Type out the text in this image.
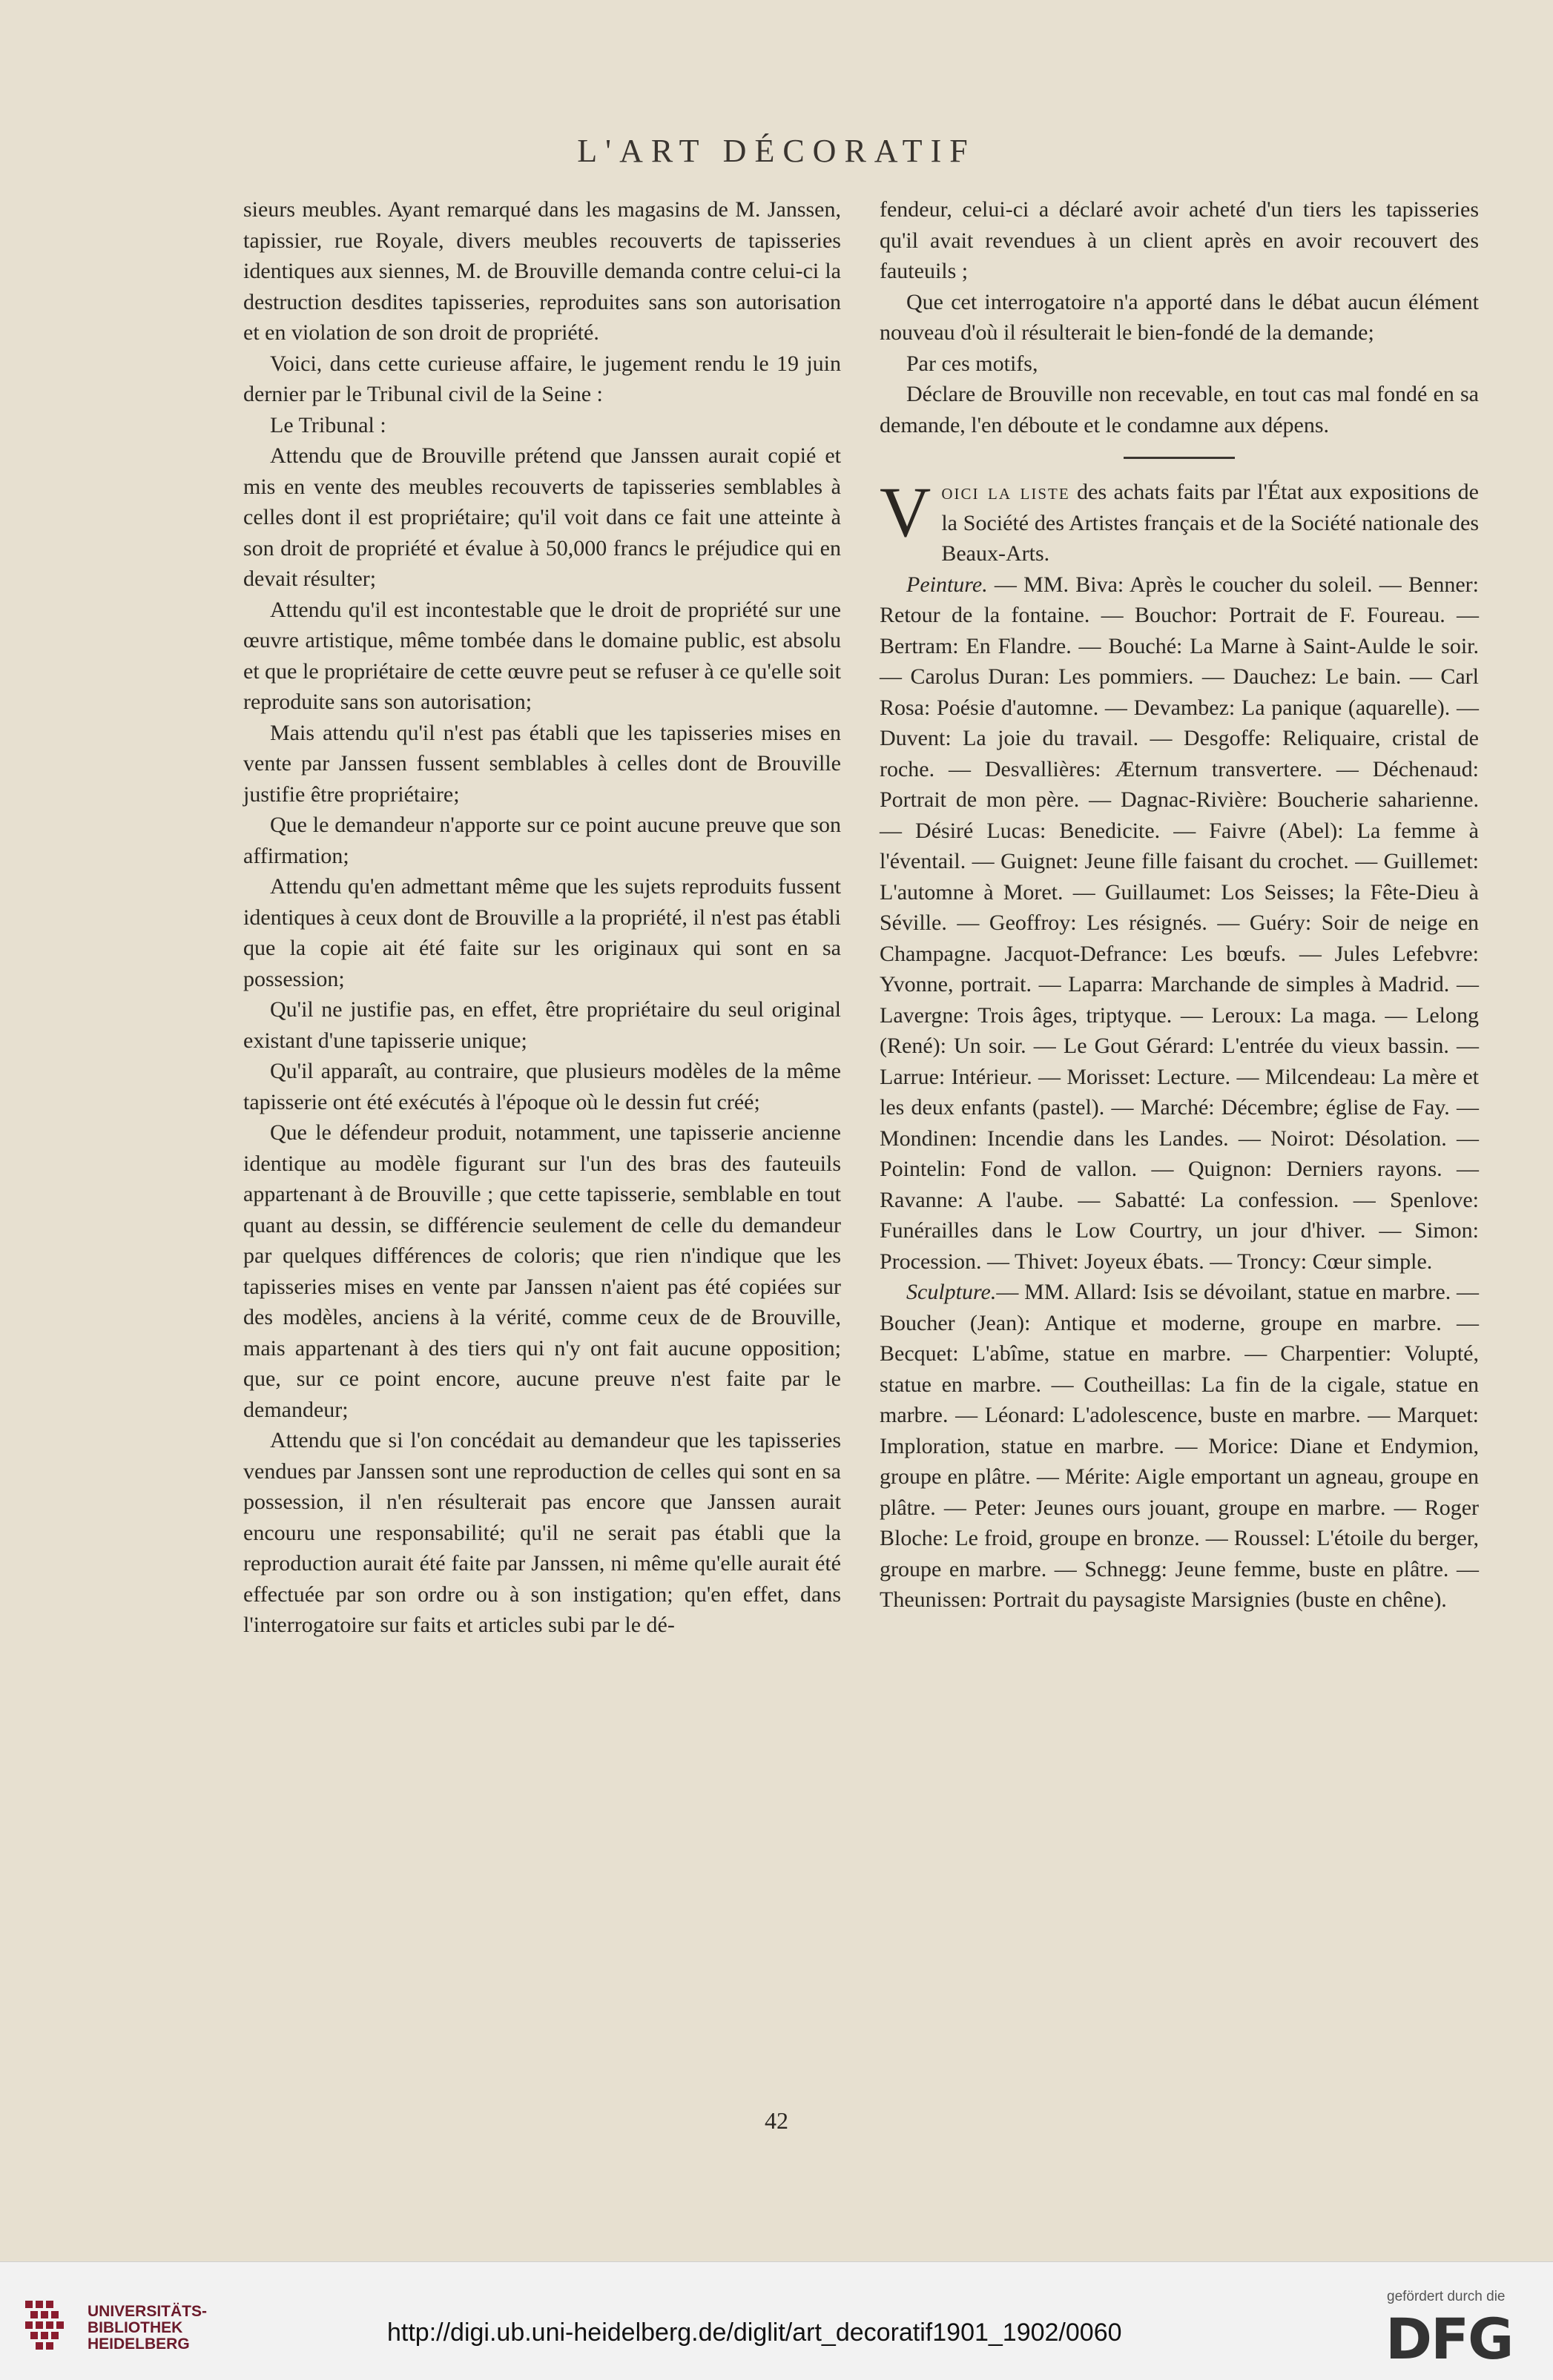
L'ART DÉCORATIF

sieurs meubles. Ayant remarqué dans les magasins de M. Janssen, tapissier, rue Royale, divers meubles recouverts de tapisseries identiques aux siennes, M. de Brouville demanda contre celui-ci la destruction desdites tapisseries, reproduites sans son autorisation et en violation de son droit de propriété.

Voici, dans cette curieuse affaire, le jugement rendu le 19 juin dernier par le Tribunal civil de la Seine :

Le Tribunal :

Attendu que de Brouville prétend que Janssen aurait copié et mis en vente des meubles recouverts de tapisseries semblables à celles dont il est propriétaire; qu'il voit dans ce fait une atteinte à son droit de propriété et évalue à 50,000 francs le préjudice qui en devait résulter;

Attendu qu'il est incontestable que le droit de propriété sur une œuvre artistique, même tombée dans le domaine public, est absolu et que le propriétaire de cette œuvre peut se refuser à ce qu'elle soit reproduite sans son autorisation;

Mais attendu qu'il n'est pas établi que les tapisseries mises en vente par Janssen fussent semblables à celles dont de Brouville justifie être propriétaire;

Que le demandeur n'apporte sur ce point aucune preuve que son affirmation;

Attendu qu'en admettant même que les sujets reproduits fussent identiques à ceux dont de Brouville a la propriété, il n'est pas établi que la copie ait été faite sur les originaux qui sont en sa possession;

Qu'il ne justifie pas, en effet, être propriétaire du seul original existant d'une tapisserie unique;

Qu'il apparaît, au contraire, que plusieurs modèles de la même tapisserie ont été exécutés à l'époque où le dessin fut créé;

Que le défendeur produit, notamment, une tapisserie ancienne identique au modèle figurant sur l'un des bras des fauteuils appartenant à de Brouville ; que cette tapisserie, semblable en tout quant au dessin, se différencie seulement de celle du demandeur par quelques différences de coloris; que rien n'indique que les tapisseries mises en vente par Janssen n'aient pas été copiées sur des modèles, anciens à la vérité, comme ceux de de Brouville, mais appartenant à des tiers qui n'y ont fait aucune opposition; que, sur ce point encore, aucune preuve n'est faite par le demandeur;

Attendu que si l'on concédait au demandeur que les tapisseries vendues par Janssen sont une reproduction de celles qui sont en sa possession, il n'en résulterait pas encore que Janssen aurait encouru une responsabilité; qu'il ne serait pas établi que la reproduction aurait été faite par Janssen, ni même qu'elle aurait été effectuée par son ordre ou à son instigation; qu'en effet, dans l'interrogatoire sur faits et articles subi par le dé-

fendeur, celui-ci a déclaré avoir acheté d'un tiers les tapisseries qu'il avait revendues à un client après en avoir recouvert des fauteuils ;

Que cet interrogatoire n'a apporté dans le débat aucun élément nouveau d'où il résulterait le bien-fondé de la demande;

Par ces motifs,

Déclare de Brouville non recevable, en tout cas mal fondé en sa demande, l'en déboute et le condamne aux dépens.

Voici la liste des achats faits par l'État aux expositions de la Société des Artistes français et de la Société nationale des Beaux-Arts.

Peinture. — MM. Biva: Après le coucher du soleil. — Benner: Retour de la fontaine. — Bouchor: Portrait de F. Foureau. — Bertram: En Flandre. — Bouché: La Marne à Saint-Aulde le soir. — Carolus Duran: Les pommiers. — Dauchez: Le bain. — Carl Rosa: Poésie d'automne. — Devambez: La panique (aquarelle). — Duvent: La joie du travail. — Desgoffe: Reliquaire, cristal de roche. — Desvallières: Æternum transvertere. — Déchenaud: Portrait de mon père. — Dagnac-Rivière: Boucherie saharienne. — Désiré Lucas: Benedicite. — Faivre (Abel): La femme à l'éventail. — Guignet: Jeune fille faisant du crochet. — Guillemet: L'automne à Moret. — Guillaumet: Los Seisses; la Fête-Dieu à Séville. — Geoffroy: Les résignés. — Guéry: Soir de neige en Champagne. Jacquot-Defrance: Les bœufs. — Jules Lefebvre: Yvonne, portrait. — Laparra: Marchande de simples à Madrid. — Lavergne: Trois âges, triptyque. — Leroux: La maga. — Lelong (René): Un soir. — Le Gout Gérard: L'entrée du vieux bassin. — Larrue: Intérieur. — Morisset: Lecture. — Milcendeau: La mère et les deux enfants (pastel). — Marché: Décembre; église de Fay. — Mondinen: Incendie dans les Landes. — Noirot: Désolation. — Pointelin: Fond de vallon. — Quignon: Derniers rayons. — Ravanne: A l'aube. — Sabatté: La confession. — Spenlove: Funérailles dans le Low Courtry, un jour d'hiver. — Simon: Procession. — Thivet: Joyeux ébats. — Troncy: Cœur simple.

Sculpture.— MM. Allard: Isis se dévoilant, statue en marbre. — Boucher (Jean): Antique et moderne, groupe en marbre. — Becquet: L'abîme, statue en marbre. — Charpentier: Volupté, statue en marbre. — Coutheillas: La fin de la cigale, statue en marbre. — Léonard: L'adolescence, buste en marbre. — Marquet: Imploration, statue en marbre. — Morice: Diane et Endymion, groupe en plâtre. — Mérite: Aigle emportant un agneau, groupe en plâtre. — Peter: Jeunes ours jouant, groupe en marbre. — Roger Bloche: Le froid, groupe en bronze. — Roussel: L'étoile du berger, groupe en marbre. — Schnegg: Jeune femme, buste en plâtre. — Theunissen: Portrait du paysagiste Marsignies (buste en chêne).

42
UNIVERSITÄTS-
BIBLIOTHEK
HEIDELBERG	http://digi.ub.uni-heidelberg.de/diglit/art_decoratif1901_1902/0060
gefördert durch die
DFG
